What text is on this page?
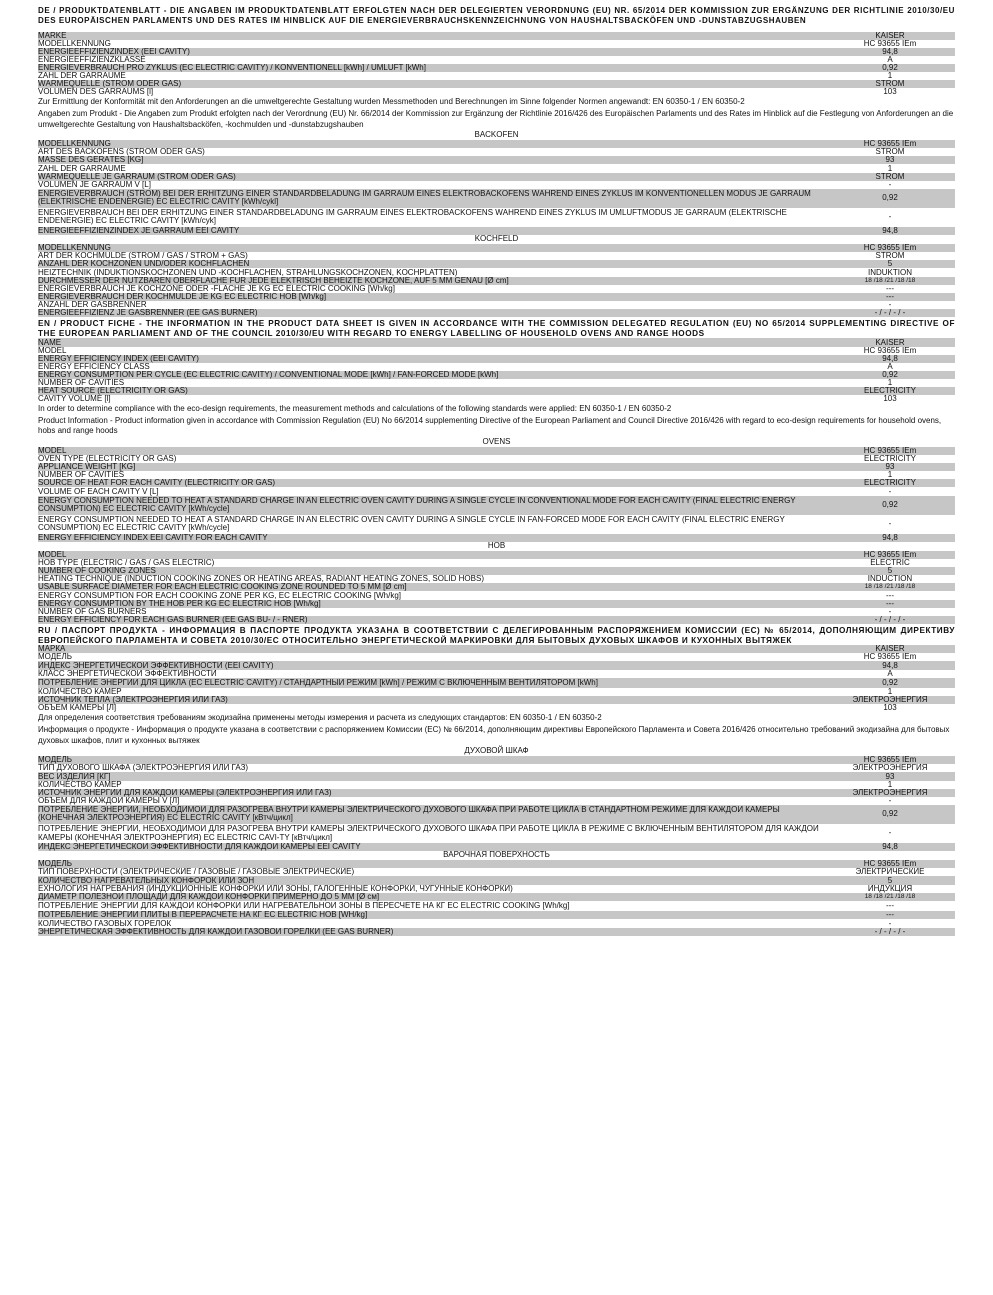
DE / PRODUKTDATENBLATT - DIE ANGABEN IM PRODUKTDATENBLATT ERFOLGTEN NACH DER DELEGIERTEN VERORDNUNG (EU) NR. 65/2014 DER KOMMISSION ZUR ERGÄNZUNG DER RICHTLINIE 2010/30/EU DES EUROPÄISCHEN PARLAMENTS UND DES RATES IM HINBLICK AUF DIE ENERGIEVERBRAUCHSKENNZEICHNUNG VON HAUSHALTSBACKÖFEN UND -DUNSTABZUGSHAUBEN

MARKE	KAISER
MODELLKENNUNG	HC 93655 IEm
ENERGIEEFFIZIENZINDEX (EEI CAVITY)	94,8
ENERGIEEFFIZIENZKLASSE	A
ENERGIEVERBRAUCH PRO ZYKLUS (EC ELECTRIC CAVITY) / KONVENTIONELL [kWh] / UMLUFT [kWh]	0,92
ZAHL DER GARRÄUME	1
WÄRMEQUELLE (STROM ODER GAS)	STROM
VOLUMEN DES GARRAUMS [l]	103
Zur Ermittlung der Konformität mit den Anforderungen an die umweltgerechte Gestaltung wurden Messmethoden und Berechnungen im Sinne folgender Normen angewandt: EN 60350-1 / EN 60350-2
Angaben zum Produkt - Die Angaben zum Produkt erfolgten nach der Verordnung (EU) Nr. 66/2014 der Kommission zur Ergänzung der Richtlinie 2016/426 des Europäischen Parlaments und des Rates im Hinblick auf die Festlegung von Anforderungen an die umweltgerechte Gestaltung von Haushaltsbacköfen, -kochmulden und -dunstabzugshauben
BACKOFEN
MODELLKENNUNG	HC 93655 IEm
ART DES BACKOFENS (STROM ODER GAS)	STROM
MASSE DES GERÄTES [KG]	93
ZAHL DER GARRÄUME	1
WÄRMEQUELLE JE GARRAUM (STROM ODER GAS)	STROM
VOLUMEN JE GARRAUM V [L]	-
ENERGIEVERBRAUCH (STROM) BEI DER ERHITZUNG EINER STANDARDBELADUNG IM GARRAUM EINES ELEKTROBACKOFENS WÄHREND EINES ZYKLUS IM KONVENTIONELLEN MODUS JE GARRAUM (ELEKTRISCHE ENDENERGIE) EC ELECTRIC CAVITY [kWh/cykl]	0,92
ENERGIEVERBRAUCH BEI DER ERHITZUNG EINER STANDARDBELADUNG IM GARRAUM EINES ELEKTROBACKOFENS WÄHREND EINES ZYKLUS IM UMLUFTMODUS JE GARRAUM (ELEKTRISCHE ENDENERGIE) EC ELECTRIC CAVITY [kWh/cyk]	-
ENERGIEEFFIZIENZINDEX JE GARRAUM EEI CAVITY	94,8
KOCHFELD
MODELLKENNUNG	HC 93655 IEm
ART DER KOCHMULDE (STROM / GAS / STROM + GAS)	STROM
ANZAHL DER KOCHZONEN UND/ODER KOCHFLÄCHEN	5
HEIZTECHNIK (INDUKTIONSKOCHZONEN UND -KOCHFLÄCHEN, STRAHLUNGSKOCHZONEN, KOCHPLATTEN)	INDUKTION
DURCHMESSER DER NUTZBAREN OBERFLÄCHE FÜR JEDE ELEKTRISCH BEHEIZTE KOCHZONE, AUF 5 MM GENAU [Ø cm]	18 /18 /21 /18 /18
ENERGIEVERBRAUCH JE KOCHZONE ODER -FLÄCHE JE KG EC ELECTRIC COOKING [Wh/kg]	---
ENERGIEVERBRAUCH DER KOCHMULDE JE KG EC ELECTRIC HOB [Wh/kg]	---
ANZAHL DER GASBRENNER	-
ENERGIEEFFIZIENZ JE GASBRENNER (EE GAS BURNER)	- / - / - / -

EN / PRODUCT FICHE - THE INFORMATION IN THE PRODUCT DATA SHEET IS GIVEN IN ACCORDANCE WITH THE COMMISSION DELEGATED REGULATION (EU) NO 65/2014 SUPPLEMENTING DIRECTIVE OF THE EUROPEAN PARLIAMENT AND OF THE COUNCIL 2010/30/EU WITH REGARD TO ENERGY LABELLING OF HOUSEHOLD OVENS AND RANGE HOODS

NAME	KAISER
MODEL	HC 93655 IEm
ENERGY EFFICIENCY INDEX (EEI CAVITY)	94,8
ENERGY EFFICIENCY CLASS	A
ENERGY CONSUMPTION PER CYCLE (EC ELECTRIC CAVITY) / CONVENTIONAL MODE [kWh] / FAN-FORCED MODE [kWh]	0,92
NUMBER OF CAVITIES	1
HEAT SOURCE (ELECTRICITY OR GAS)	ELECTRICITY
CAVITY VOLUME [l]	103
In order to determine compliance with the eco-design requirements, the measurement methods and calculations of the following standards were applied: EN 60350-1 / EN 60350-2
Product Information - Product information given in accordance with Commission Regulation (EU) No 66/2014 supplementing Directive of the European Parliament and Council Directive 2016/426 with regard to eco-design requirements for household ovens, hobs and range hoods
OVENS
MODEL	HC 93655 IEm
OVEN TYPE (ELECTRICITY OR GAS)	ELECTRICITY
APPLIANCE WEIGHT [KG]	93
NUMBER OF CAVITIES	1
SOURCE OF HEAT FOR EACH CAVITY (ELECTRICITY OR GAS)	ELECTRICITY
VOLUME OF EACH CAVITY V [L]	-
ENERGY CONSUMPTION NEEDED TO HEAT A STANDARD CHARGE IN AN ELECTRIC OVEN CAVITY DURING A SINGLE CYCLE IN CONVENTIONAL MODE FOR EACH CAVITY (FINAL ELECTRIC ENERGY CONSUMPTION) EC ELECTRIC CAVITY [kWh/cycle]	0,92
ENERGY CONSUMPTION NEEDED TO HEAT A STANDARD CHARGE IN AN ELECTRIC OVEN CAVITY DURING A SINGLE CYCLE IN FAN-FORCED MODE FOR EACH CAVITY (FINAL ELECTRIC ENERGY CONSUMPTION) EC ELECTRIC CAVITY [kWh/cycle]	-
ENERGY EFFICIENCY INDEX EEI CAVITY FOR EACH CAVITY	94,8
HOB
MODEL	HC 93655 IEm
HOB TYPE (ELECTRIC / GAS / GAS ELECTRIC)	ELECTRIC
NUMBER OF COOKING ZONES	5
HEATING TECHNIQUE (INDUCTION COOKING ZONES OR HEATING AREAS, RADIANT HEATING ZONES, SOLID HOBS)	INDUCTION
USABLE SURFACE DIAMETER FOR EACH ELECTRIC COOKING ZONE ROUNDED TO 5 MM [Ø cm]	18 /18 /21 /18 /18
ENERGY CONSUMPTION FOR EACH COOKING ZONE PER KG, EC ELECTRIC COOKING [Wh/kg]	---
ENERGY CONSUMPTION BY THE HOB PER KG EC ELECTRIC HOB [Wh/kg]	---
NUMBER OF GAS BURNERS	-
ENERGY EFFICIENCY FOR EACH GAS BURNER (EE GAS BU- / - RNER)	- / - / - / -

RU / ПАСПОРТ ПРОДУКТА - ИНФОРМАЦИЯ В ПАСПОРТЕ ПРОДУКТА УКАЗАНА В СООТВЕТСТВИИ С ДЕЛЕГИРОВАННЫМ РАСПОРЯЖЕНИЕМ КОМИССИИ (ЕС) № 65/2014, ДОПОЛНЯЮЩИМ ДИРЕКТИВУ ЕВРОПЕЙСКОГО ПАРЛАМЕНТА И СОВЕТА 2010/30/ЕС ОТНОСИТЕЛЬНО ЭНЕРГЕТИЧЕСКОЙ МАРКИРОВКИ ДЛЯ БЫТОВЫХ ДУХОВЫХ ШКАФОВ И КУХОННЫХ ВЫТЯЖЕК

МАРКА	KAISER
МОДЕЛЬ	HC 93655 IEm
ИНДЕКС ЭНЕРГЕТИЧЕСКОЙ ЭФФЕКТИВНОСТИ (EEI CAVITY)	94,8
КЛАСС ЭНЕРГЕТИЧЕСКОЙ ЭФФЕКТИВНОСТИ	A
ПОТРЕБЛЕНИЕ ЭНЕРГИИ ДЛЯ ЦИКЛА (EC ELECTRIC CAVITY) / СТАНДАРТНЫЙ РЕЖИМ [kWh] / РЕЖИМ С ВКЛЮЧЕННЫМ ВЕНТИЛЯТОРОМ [kWh]	0,92
КОЛИЧЕСТВО КАМЕР	1
ИСТОЧНИК ТЕПЛА (ЭЛЕКТРОЭНЕРГИЯ ИЛИ ГАЗ)	ЭЛЕКТРОЭНЕРГИЯ
ОБЪЕМ КАМЕРЫ [Л]	103
Для определения соответствия требованиям экодизайна применены методы измерения и расчета из следующих стандартов: EN 60350-1 / EN 60350-2
Информация о продукте - Информация о продукте указана в соответствии с распоряжением Комиссии (ЕС) № 66/2014, дополняющим директивы Европейского Парламента и Совета 2016/426 относительно требований экодизайна для бытовых духовых шкафов, плит и кухонных вытяжек
ДУХОВОЙ ШКАФ
МОДЕЛЬ	HC 93655 IEm
ТИП ДУХОВОГО ШКАФА (ЭЛЕКТРОЭНЕРГИЯ ИЛИ ГАЗ)	ЭЛЕКТРОЭНЕРГИЯ
ВЕС ИЗДЕЛИЯ [КГ]	93
КОЛИЧЕСТВО КАМЕР	1
ИСТОЧНИК ЭНЕРГИИ ДЛЯ КАЖДОЙ КАМЕРЫ (ЭЛЕКТРОЭНЕРГИЯ ИЛИ ГАЗ)	ЭЛЕКТРОЭНЕРГИЯ
ОБЪЕМ ДЛЯ КАЖДОЙ КАМЕРЫ V [Л]	-
ПОТРЕБЛЕНИЕ ЭНЕРГИИ, НЕОБХОДИМОЙ ДЛЯ РАЗОГРЕВА ВНУТРИ КАМЕРЫ ЭЛЕКТРИЧЕСКОГО ДУХОВОГО ШКАФА ПРИ РАБОТЕ ЦИКЛА В СТАНДАРТНОМ РЕЖИМЕ ДЛЯ КАЖДОЙ КАМЕРЫ (КОНЕЧНАЯ ЭЛЕКТРОЭНЕРГИЯ) EC ELECTRIC CAVITY [кВтч/цикл]	0,92
ПОТРЕБЛЕНИЕ ЭНЕРГИИ, НЕОБХОДИМОЙ ДЛЯ РАЗОГРЕВА ВНУТРИ КАМЕРЫ ЭЛЕКТРИЧЕСКОГО ДУХОВОГО ШКАФА ПРИ РАБОТЕ ЦИКЛА В РЕЖИМЕ С ВКЛЮЧЕННЫМ ВЕНТИЛЯТОРОМ ДЛЯ КАЖДОЙ КАМЕРЫ (КОНЕЧНАЯ ЭЛЕКТРОЭНЕРГИЯ) EC ELECTRIC CAVI-TY [кВтч/цикл]	-
ИНДЕКС ЭНЕРГЕТИЧЕСКОЙ ЭФФЕКТИВНОСТИ ДЛЯ КАЖДОЙ КАМЕРЫ EEI CAVITY	94,8
ВАРОЧНАЯ ПОВЕРХНОСТЬ
МОДЕЛЬ	HC 93655 IEm
ТИП ПОВЕРХНОСТИ (ЭЛЕКТРИЧЕСКИЕ / ГАЗОВЫЕ / ГАЗОВЫЕ ЭЛЕКТРИЧЕСКИЕ)	ЭЛЕКТРИЧЕСКИЕ
КОЛИЧЕСТВО НАГРЕВАТЕЛЬНЫХ КОНФОРОК ИЛИ ЗОН	5
ЕХНОЛОГИЯ НАГРЕВАНИЯ (ИНДУКЦИОННЫЕ КОНФОРКИ ИЛИ ЗОНЫ, ГАЛОГЕННЫЕ КОНФОРКИ, ЧУГУННЫЕ КОНФОРКИ)	ИНДУКЦИЯ
ДИАМЕТР ПОЛЕЗНОЙ ПЛОЩАДИ ДЛЯ КАЖДОЙ КОНФОРКИ ПРИМЕРНО ДО 5 ММ [Ø см]	18 /18 /21 /18 /18
ПОТРЕБЛЕНИЕ ЭНЕРГИИ ДЛЯ КАЖДОЙ КОНФОРКИ ИЛИ НАГРЕВАТЕЛЬНОЙ ЗОНЫ В ПЕРЕСЧЕТЕ НА КГ EC ELECTRIC COOKING [Wh/kg]	---
ПОТРЕБЛЕНИЕ ЭНЕРГИИ ПЛИТЫ В ПЕРЕРАСЧЕТЕ НА КГ EC ELECTRIC HOB [WH/kg]	---
КОЛИЧЕСТВО ГАЗОВЫХ ГОРЕЛОК	-
ЭНЕРГЕТИЧЕСКАЯ ЭФФЕКТИВНОСТЬ ДЛЯ КАЖДОЙ ГАЗОВОЙ ГОРЕЛКИ (EE GAS BURNER)	- / - / - / -
